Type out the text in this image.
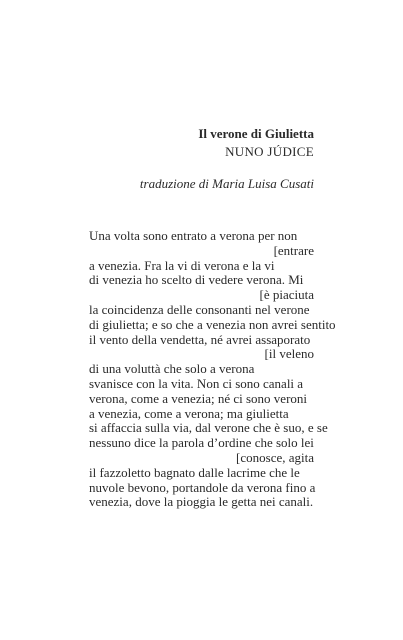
Il verone di Giulietta
NUNO JÚDICE
traduzione di Maria Luisa Cusati
Una volta sono entrato a verona per non
[entrare
a venezia. Fra la vi di verona e la vi
di venezia ho scelto di vedere verona. Mi
[è piaciuta
la coincidenza delle consonanti nel verone
di giulietta; e so che a venezia non avrei sentito
il vento della vendetta, né avrei assaporato
[il veleno
di una voluttà che solo a verona
svanisce con la vita. Non ci sono canali a
verona, come a venezia; né ci sono veroni
a venezia, come a verona; ma giulietta
si affaccia sulla via, dal verone che è suo, e se
nessuno dice la parola d’ordine che solo lei
[conosce, agita
il fazzoletto bagnato dalle lacrime che le
nuvole bevono, portandole da verona fino a
venezia, dove la pioggia le getta nei canali.
